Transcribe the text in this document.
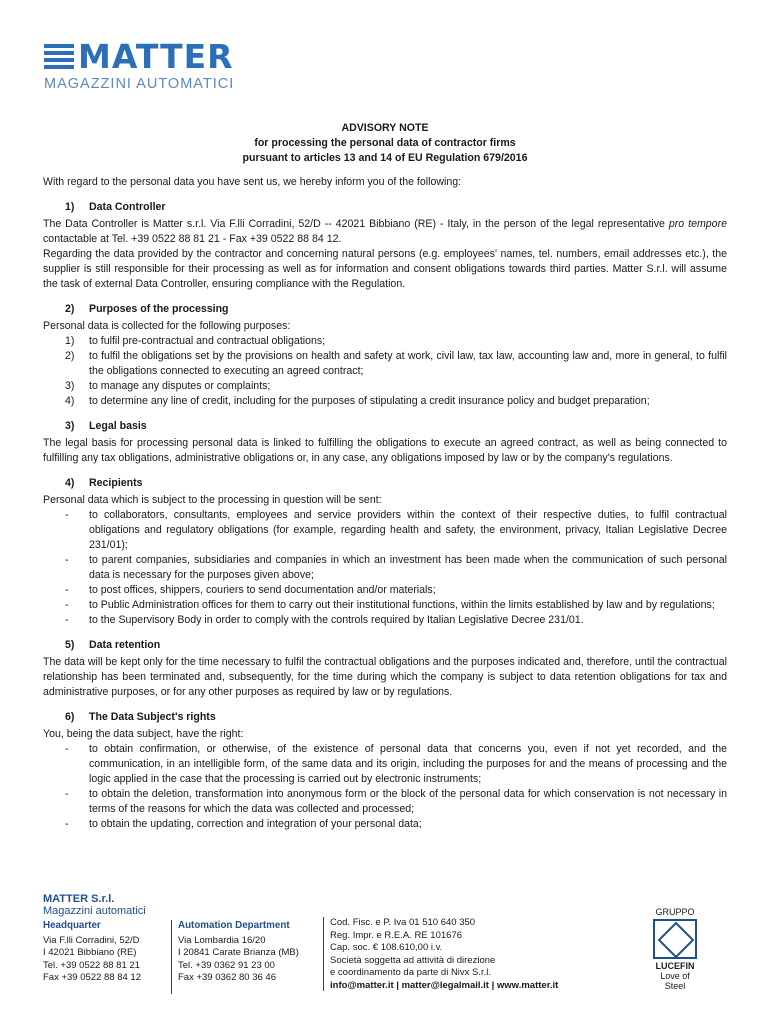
MATTER
MAGAZZINI AUTOMATICI
ADVISORY NOTE
for processing the personal data of contractor firms
pursuant to articles 13 and 14 of EU Regulation 679/2016

With regard to the personal data you have sent us, we hereby inform you of the following:

1) Data Controller

The Data Controller is Matter s.r.l. Via F.lli Corradini, 52/D -- 42021 Bibbiano (RE) - Italy, in the person of the legal representative pro tempore contactable at Tel. +39 0522 88 81 21 - Fax +39 0522 88 84 12.

Regarding the data provided by the contractor and concerning natural persons (e.g. employees' names, tel. numbers, email addresses etc.), the supplier is still responsible for their processing as well as for information and consent obligations towards third parties. Matter S.r.l. will assume the task of external Data Controller, ensuring compliance with the Regulation.

2) Purposes of the processing

Personal data is collected for the following purposes:

1)	to fulfil pre-contractual and contractual obligations;
2)	to fulfil the obligations set by the provisions on health and safety at work, civil law, tax law, accounting law and, more in general, to fulfil the obligations connected to executing an agreed contract;
3)	to manage any disputes or complaints;
4)	to determine any line of credit, including for the purposes of stipulating a credit insurance policy and budget preparation;
3) Legal basis

The legal basis for processing personal data is linked to fulfilling the obligations to execute an agreed contract, as well as being connected to fulfilling any tax obligations, administrative obligations or, in any case, any obligations imposed by law or by the company's regulations.

4) Recipients

Personal data which is subject to the processing in question will be sent:

-	to collaborators, consultants, employees and service providers within the context of their respective duties, to fulfil contractual obligations and regulatory obligations (for example, regarding health and safety, the environment, privacy, Italian Legislative Decree 231/01);
-	to parent companies, subsidiaries and companies in which an investment has been made when the communication of such personal data is necessary for the purposes given above;
-	to post offices, shippers, couriers to send documentation and/or materials;
-	to Public Administration offices for them to carry out their institutional functions, within the limits established by law and by regulations;
-	to the Supervisory Body in order to comply with the controls required by Italian Legislative Decree 231/01.
5) Data retention

The data will be kept only for the time necessary to fulfil the contractual obligations and the purposes indicated and, therefore, until the contractual relationship has been terminated and, subsequently, for the time during which the company is subject to data retention obligations for tax and administrative purposes, or for any other purposes as required by law or by regulations.

6) The Data Subject's rights

You, being the data subject, have the right:

-	to obtain confirmation, or otherwise, of the existence of personal data that concerns you, even if not yet recorded, and the communication, in an intelligible form, of the same data and its origin, including the purposes for and the means of processing and the logic applied in the case that the processing is carried out by electronic instruments;
-	to obtain the deletion, transformation into anonymous form or the block of the personal data for which conservation is not necessary in terms of the reasons for which the data was collected and processed;
-	to obtain the updating, correction and integration of your personal data;
MATTER S.r.l.
Magazzini automatici
Headquarter
Via F.lli Corradini, 52/D
I 42021 Bibbiano (RE)
Tel. +39 0522 88 81 21
Fax +39 0522 88 84 12
Automation Department
Via Lombardia 16/20
I 20841 Carate Brianza (MB)
Tel. +39 0362 91 23 00
Fax +39 0362 80 36 46
Cod. Fisc. e P. Iva 01 510 640 350
Reg. Impr. e R.E.A. RE 101676
Cap. soc. € 108.610,00 i.v.
Società soggetta ad attività di direzione
e coordinamento da parte di Nivx S.r.l.
info@matter.it | matter@legalmail.it | www.matter.it
GRUPPO
LUCEFIN
Love of Steel
